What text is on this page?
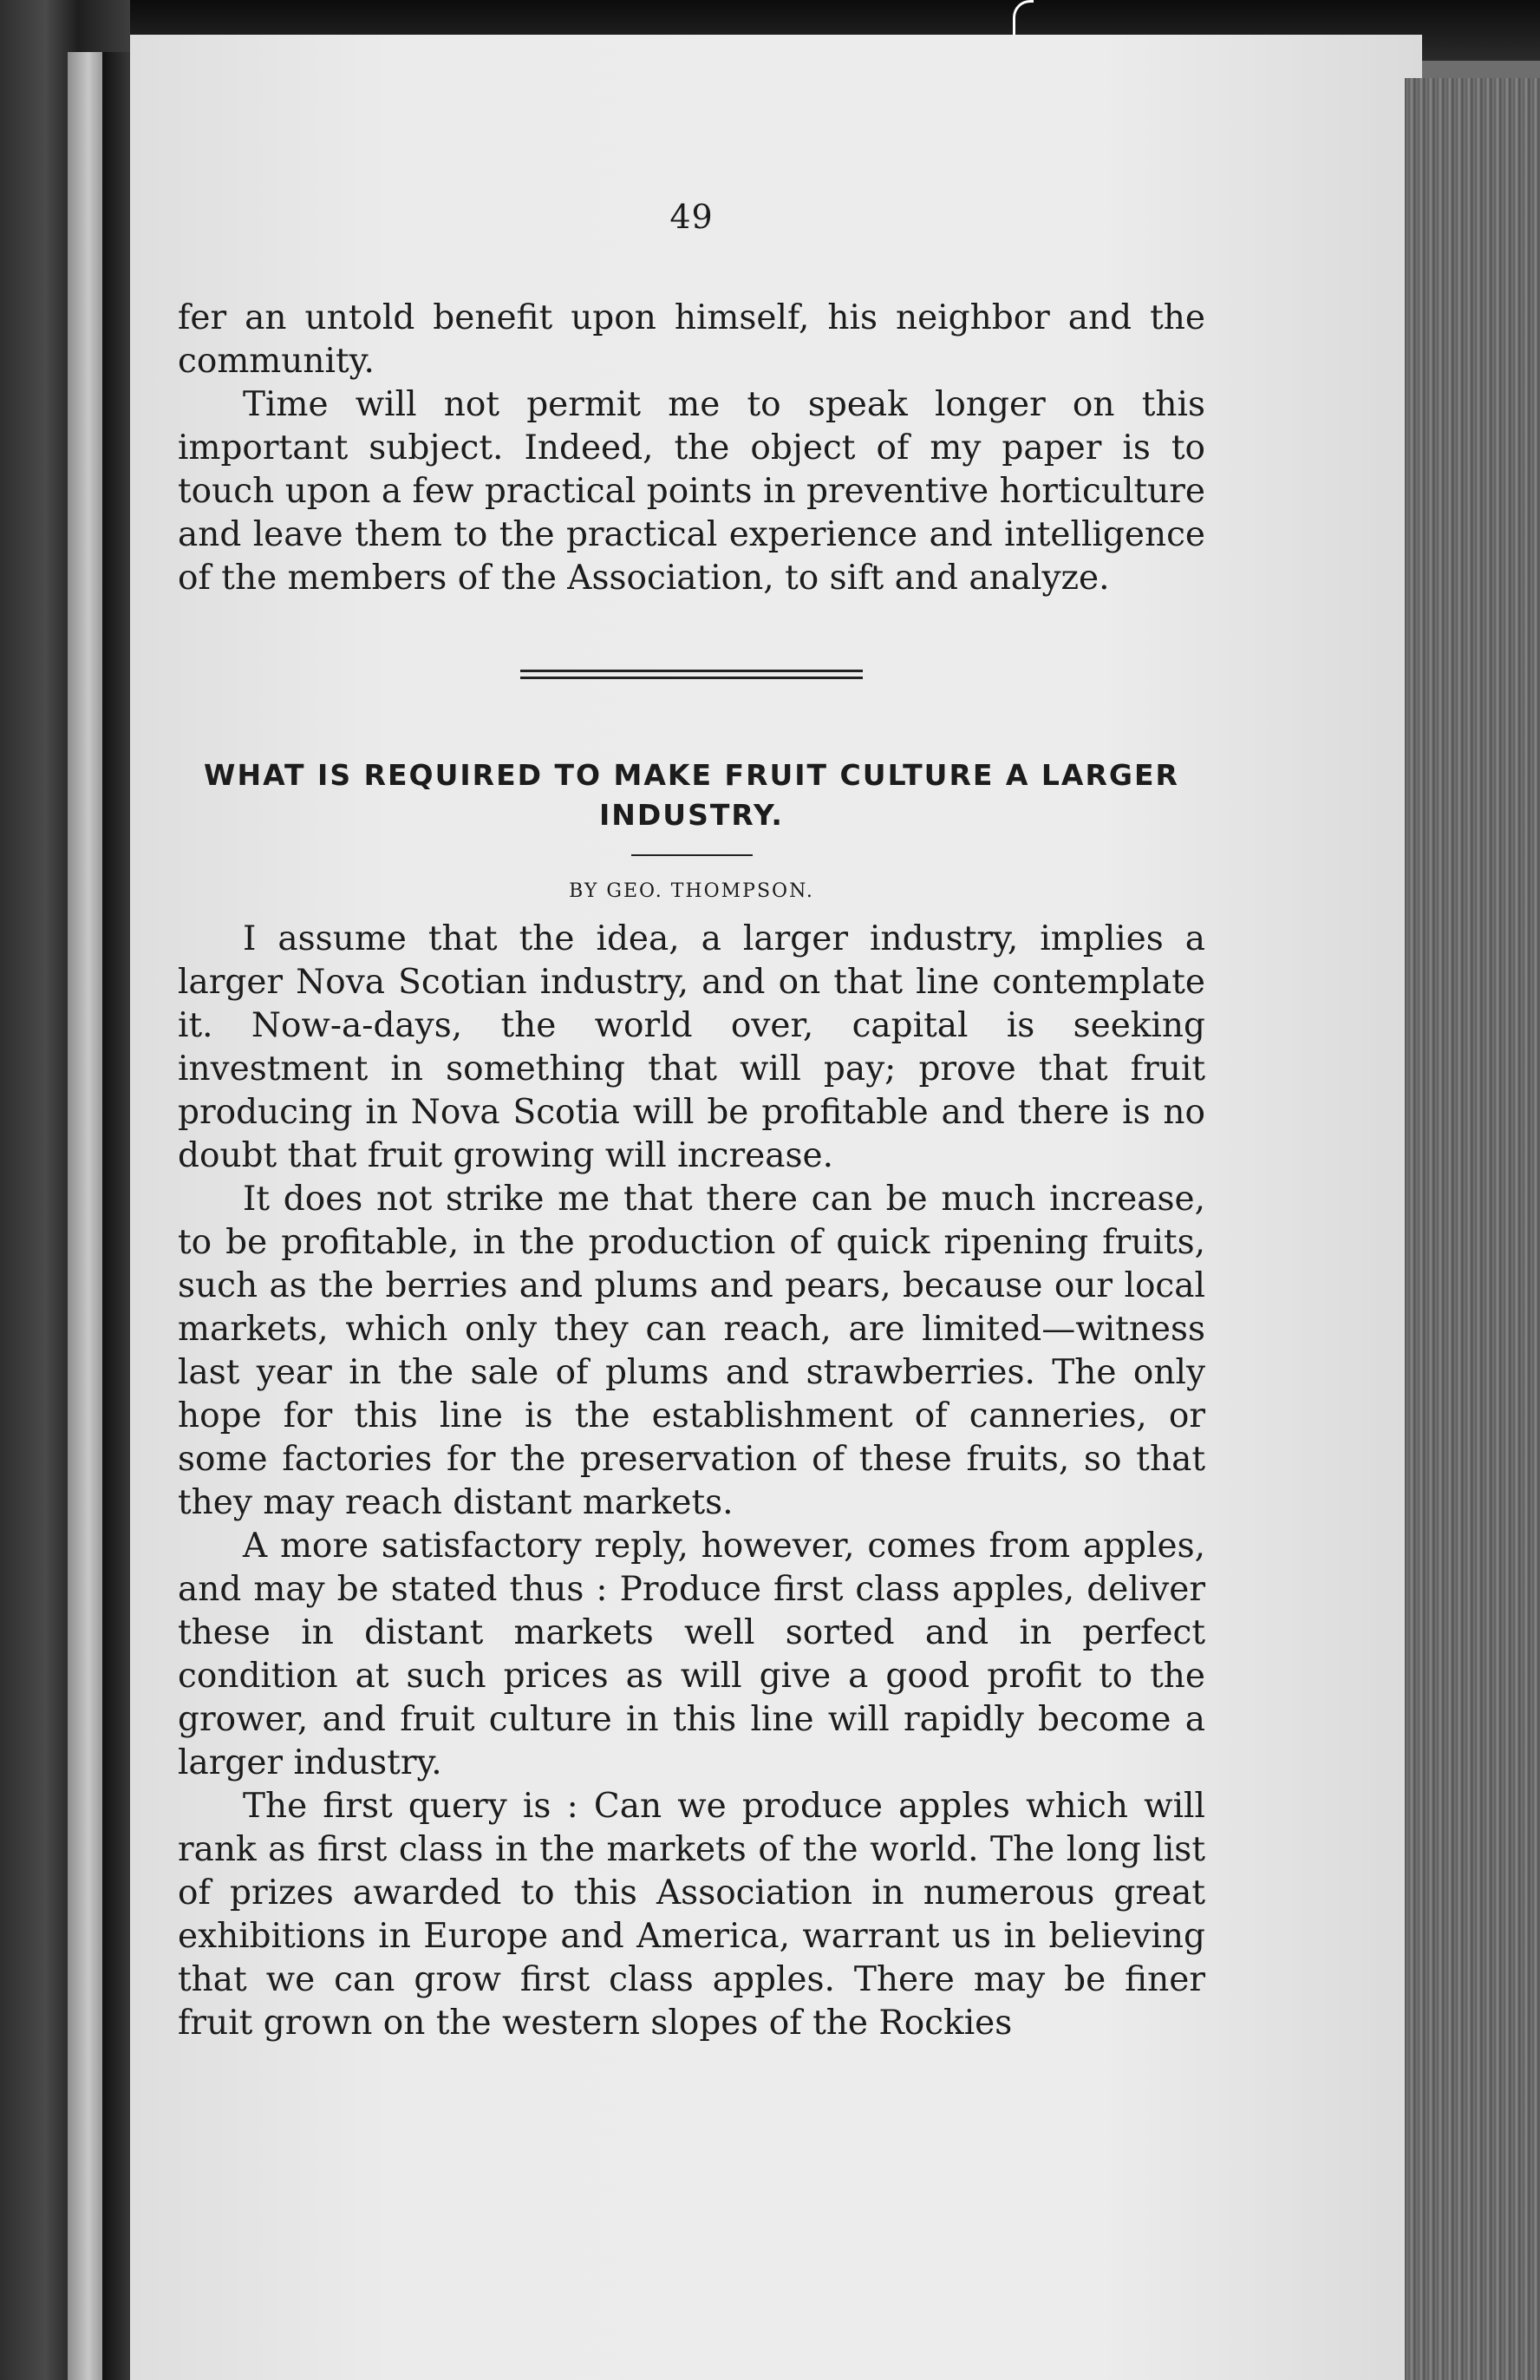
49

fer an untold benefit upon himself, his neighbor and the community.

Time will not permit me to speak longer on this important subject. Indeed, the object of my paper is to touch upon a few practical points in preventive horticulture and leave them to the practical experience and intelligence of the members of the Association, to sift and analyze.

WHAT IS REQUIRED TO MAKE FRUIT CULTURE A LARGER INDUSTRY.
BY GEO. THOMPSON.

I assume that the idea, a larger industry, implies a larger Nova Scotian industry, and on that line contemplate it. Now-a-days, the world over, capital is seeking investment in something that will pay; prove that fruit producing in Nova Scotia will be profitable and there is no doubt that fruit growing will increase.

It does not strike me that there can be much increase, to be profitable, in the production of quick ripening fruits, such as the berries and plums and pears, because our local markets, which only they can reach, are limited—witness last year in the sale of plums and strawberries. The only hope for this line is the establishment of canneries, or some factories for the preservation of these fruits, so that they may reach distant markets.

A more satisfactory reply, however, comes from apples, and may be stated thus : Produce first class apples, deliver these in distant markets well sorted and in perfect condition at such prices as will give a good profit to the grower, and fruit culture in this line will rapidly become a larger industry.

The first query is : Can we produce apples which will rank as first class in the markets of the world. The long list of prizes awarded to this Association in numerous great exhibitions in Europe and America, warrant us in believing that we can grow first class apples. There may be finer fruit grown on the western slopes of the Rockies
